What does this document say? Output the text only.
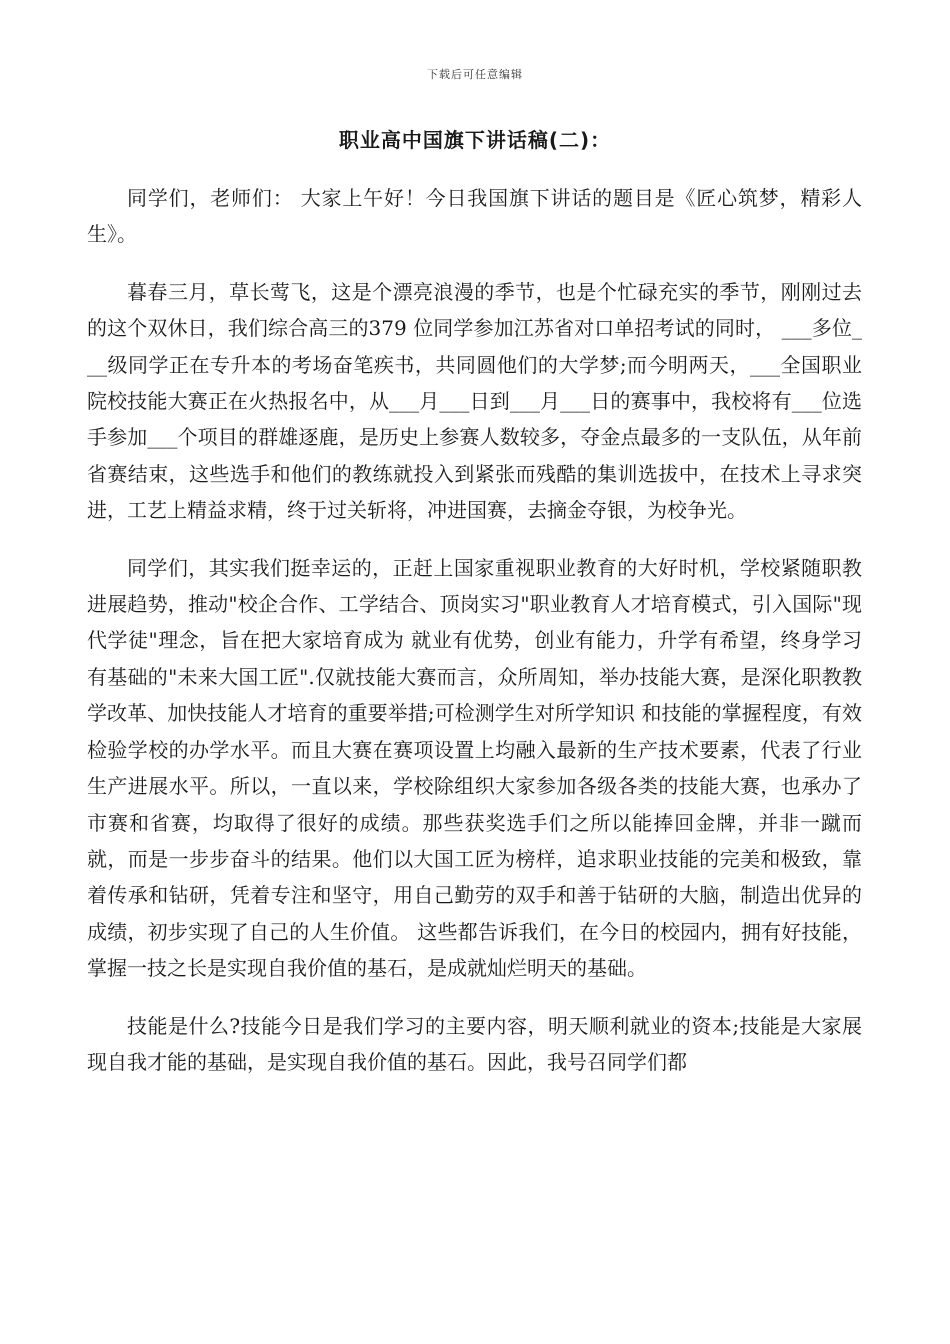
下载后可任意编辑
职业高中国旗下讲话稿(二)：

同学们，老师们： 大家上午好！今日我国旗下讲话的题目是《匠心筑梦，精彩人生》。

暮春三月，草长莺飞，这是个漂亮浪漫的季节，也是个忙碌充实的季节，刚刚过去的这个双休日，我们综合高三的379 位同学参加江苏省对口单招考试的同时， ___多位___级同学正在专升本的考场奋笔疾书，共同圆他们的大学梦;而今明两天，___全国职业院校技能大赛正在火热报名中，从___月___日到___月___日的赛事中，我校将有___位选手参加___个项目的群雄逐鹿，是历史上参赛人数较多，夺金点最多的一支队伍，从年前省赛结束，这些选手和他们的教练就投入到紧张而残酷的集训选拔中，在技术上寻求突进，工艺上精益求精，终于过关斩将，冲进国赛，去摘金夺银，为校争光。

同学们，其实我们挺幸运的，正赶上国家重视职业教育的大好时机，学校紧随职教进展趋势，推动"校企合作、工学结合、顶岗实习"职业教育人才培育模式，引入国际"现代学徒"理念，旨在把大家培育成为 就业有优势，创业有能力，升学有希望，终身学习有基础的"未来大国工匠".仅就技能大赛而言，众所周知，举办技能大赛，是深化职教教学改革、加快技能人才培育的重要举措;可检测学生对所学知识 和技能的掌握程度，有效检验学校的办学水平。而且大赛在赛项设置上均融入最新的生产技术要素，代表了行业生产进展水平。所以，一直以来，学校除组织大家参加各级各类的技能大赛，也承办了市赛和省赛，均取得了很好的成绩。那些获奖选手们之所以能捧回金牌，并非一蹴而就，而是一步步奋斗的结果。他们以大国工匠为榜样，追求职业技能的完美和极致，靠着传承和钻研，凭着专注和坚守，用自己勤劳的双手和善于钻研的大脑，制造出优异的成绩，初步实现了自己的人生价值。 这些都告诉我们，在今日的校园内，拥有好技能，掌握一技之长是实现自我价值的基石，是成就灿烂明天的基础。

技能是什么?技能今日是我们学习的主要内容，明天顺利就业的资本;技能是大家展现自我才能的基础，是实现自我价值的基石。因此，我号召同学们都
